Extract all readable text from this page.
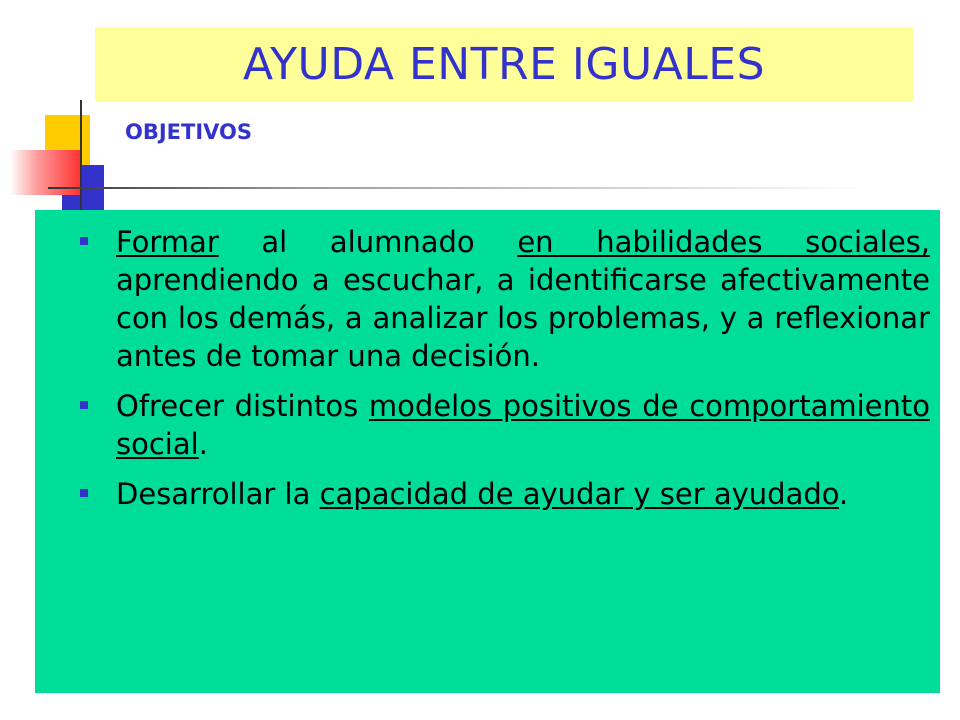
AYUDA ENTRE IGUALES
OBJETIVOS
Formar al alumnado en habilidades sociales, aprendiendo a escuchar, a identificarse afectivamente con los demás, a analizar los problemas, y a reflexionar antes de tomar una decisión.
Ofrecer distintos modelos positivos de comportamiento social.
Desarrollar la capacidad de ayudar y ser ayudado.
